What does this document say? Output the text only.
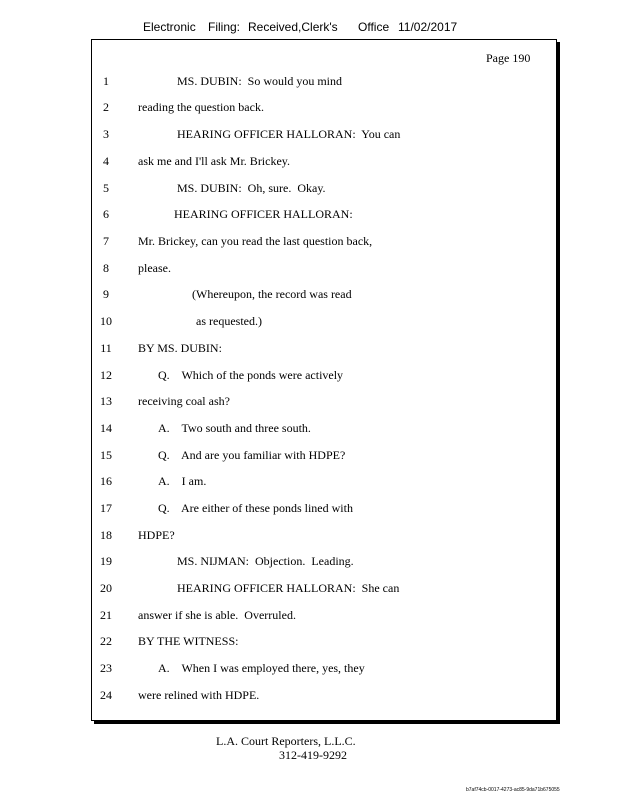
Electronic Filing: Received,Clerk's Office 11/02/2017
Page 190
1	MS. DUBIN:  So would you mind
2	reading the question back.
3	HEARING OFFICER HALLORAN:  You can
4	ask me and I'll ask Mr. Brickey.
5	MS. DUBIN:  Oh, sure.  Okay.
6	HEARING OFFICER HALLORAN:
7	Mr. Brickey, can you read the last question back,
8	please.
9	(Whereupon, the record was read
10	as requested.)
11	BY MS. DUBIN:
12	Q.    Which of the ponds were actively
13	receiving coal ash?
14	A.    Two south and three south.
15	Q.    And are you familiar with HDPE?
16	A.    I am.
17	Q.    Are either of these ponds lined with
18	HDPE?
19	MS. NIJMAN:  Objection.  Leading.
20	HEARING OFFICER HALLORAN:  She can
21	answer if she is able.  Overruled.
22	BY THE WITNESS:
23	A.    When I was employed there, yes, they
24	were relined with HDPE.
L.A. Court Reporters, L.L.C.
312-419-9292
b7af74cb-0017-4273-ac85-9da71b675055
